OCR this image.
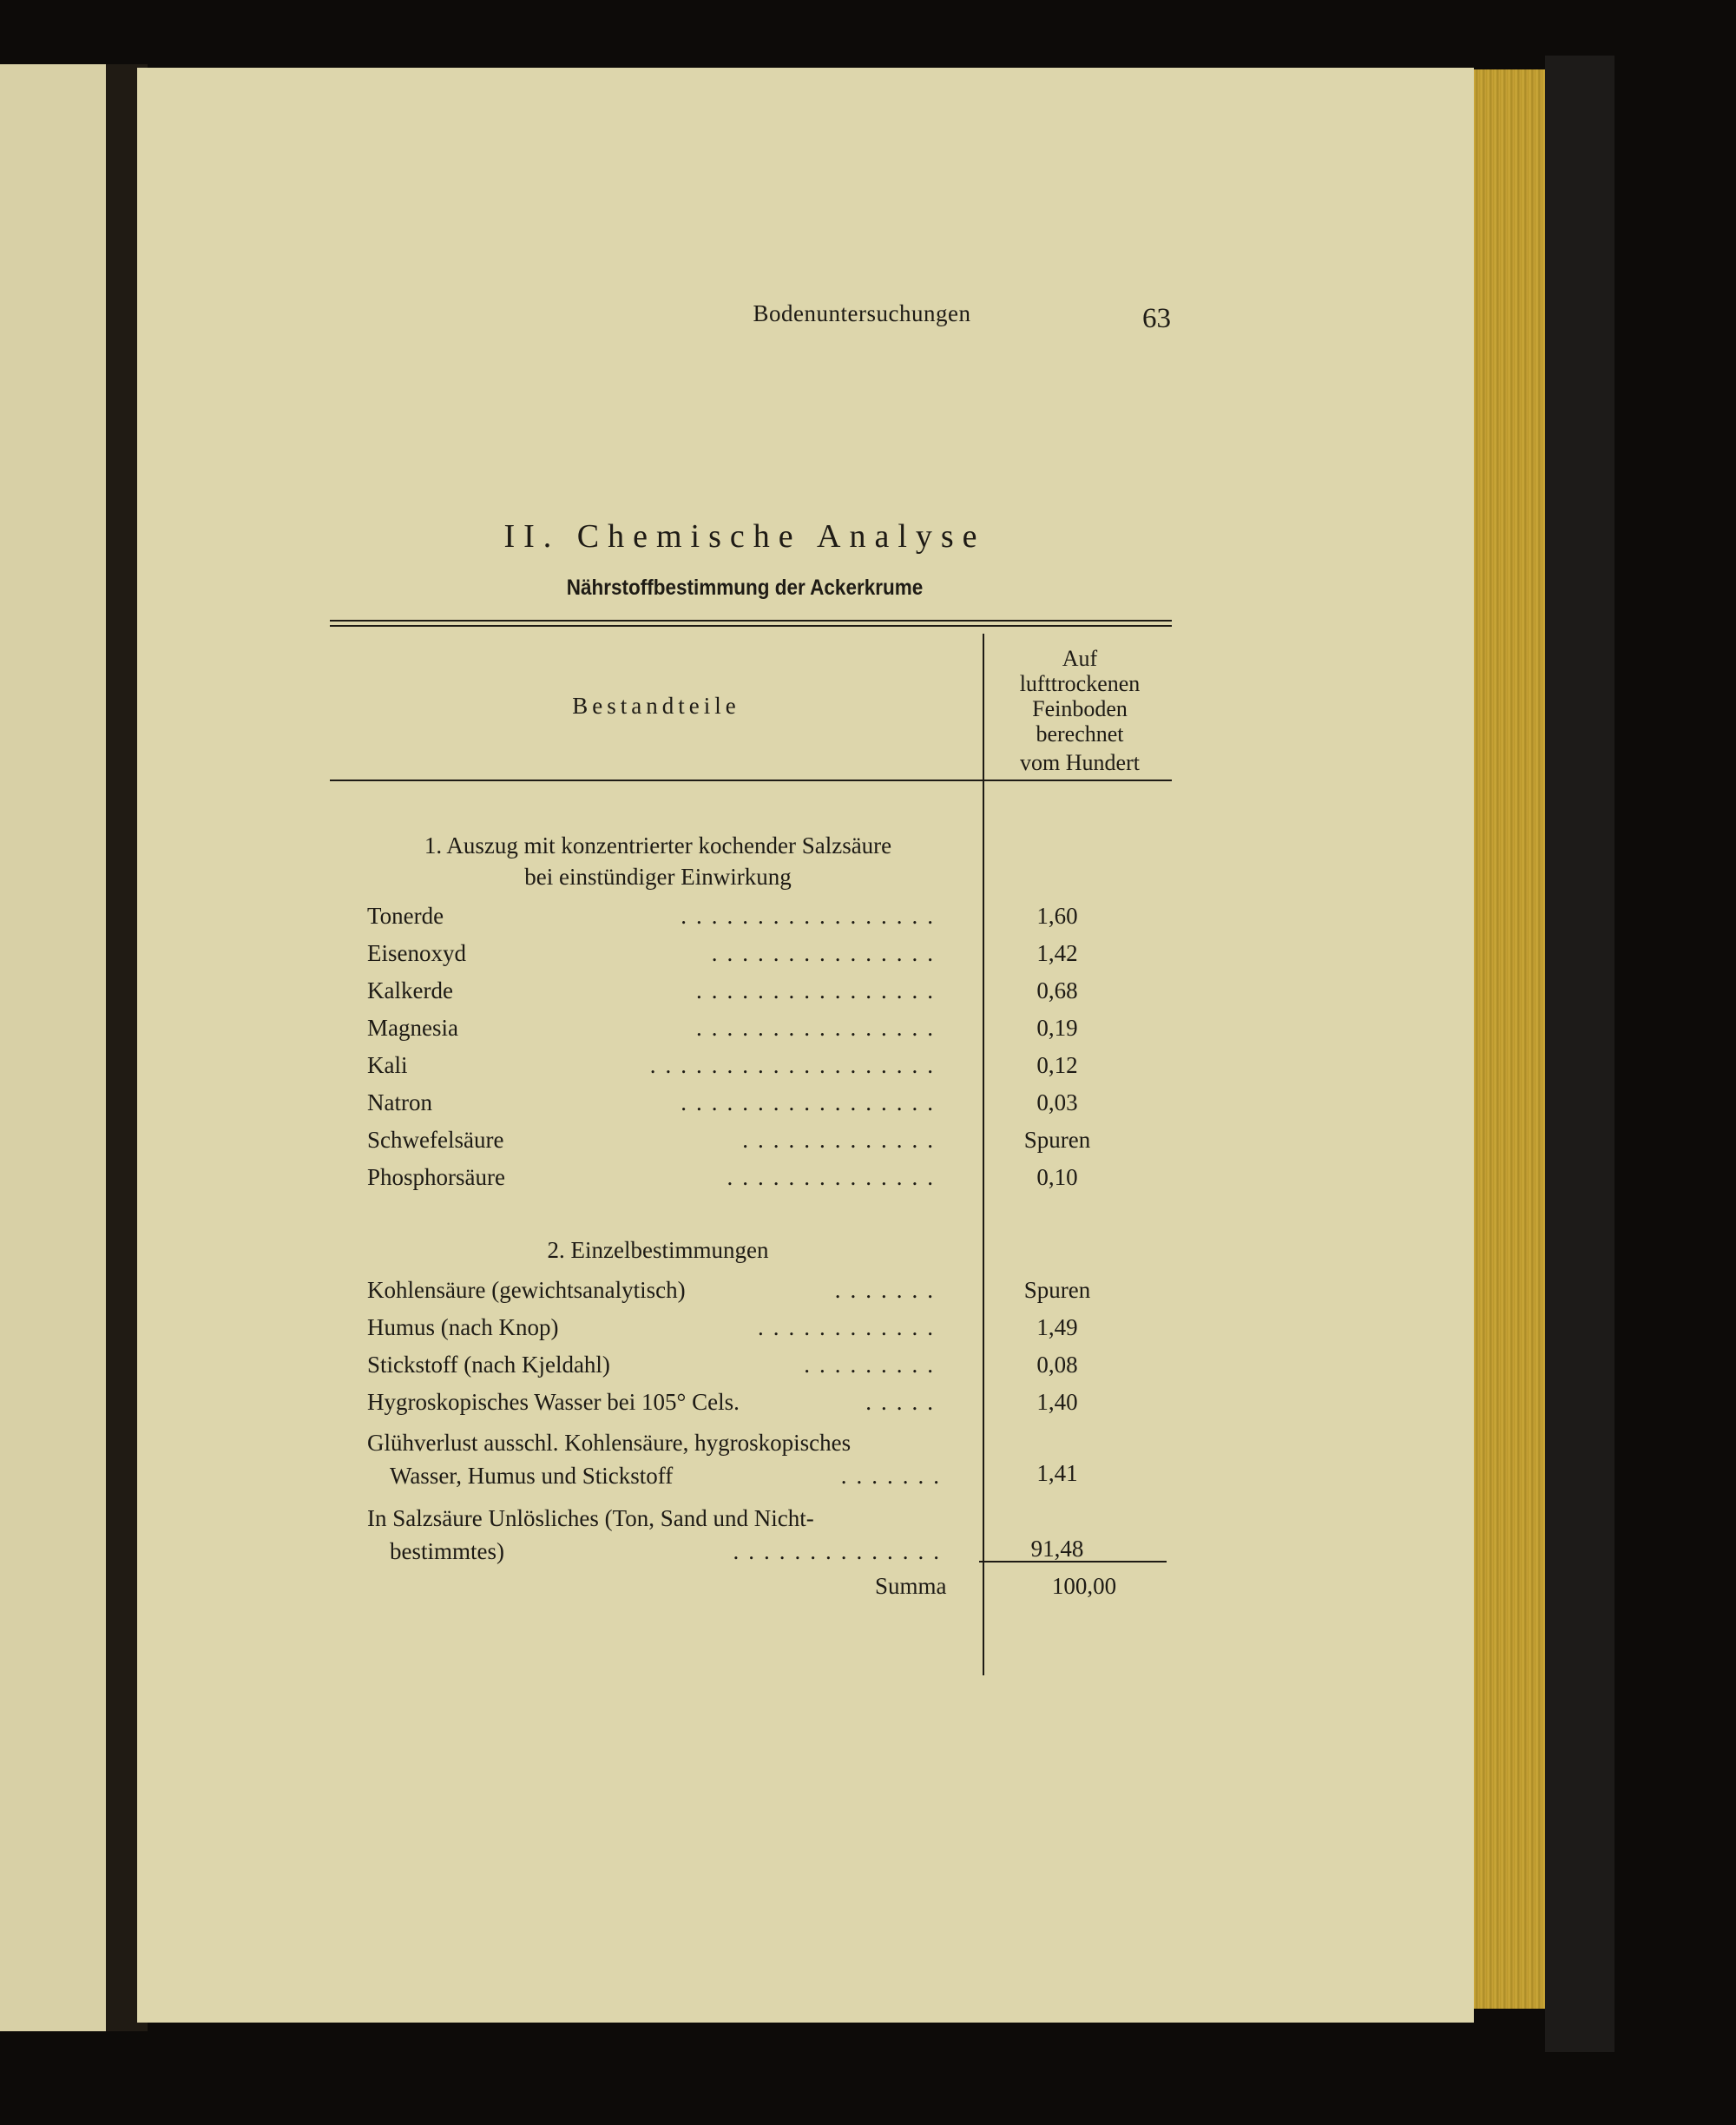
Bodenuntersuchungen	63
II. Chemische Analyse
Nährstoffbestimmung der Ackerkrume
Bestandteile
Auf
lufttrockenen
Feinboden
berechnet
vom Hundert
1. Auszug mit konzentrierter kochender Salzsäure
bei einstündiger Einwirkung
Tonerde	.................	1,60
Eisenoxyd	...............	1,42
Kalkerde	................	0,68
Magnesia	................	0,19
Kali	...................	0,12
Natron	.................	0,03
Schwefelsäure	.............	Spuren
Phosphorsäure	..............	0,10
2. Einzelbestimmungen
Kohlensäure (gewichtsanalytisch)	.......	Spuren
Humus (nach Knop)	............	1,49
Stickstoff (nach Kjeldahl)	.........	0,08
Hygroskopisches Wasser bei 105° Cels.	.....	1,40
Glühverlust ausschl. Kohlensäure, hygroskopisches
Wasser, Humus und Stickstoff	.......	1,41
In Salzsäure Unlösliches (Ton, Sand und Nicht-
bestimmtes)	..............	91,48
Summa	100,00
